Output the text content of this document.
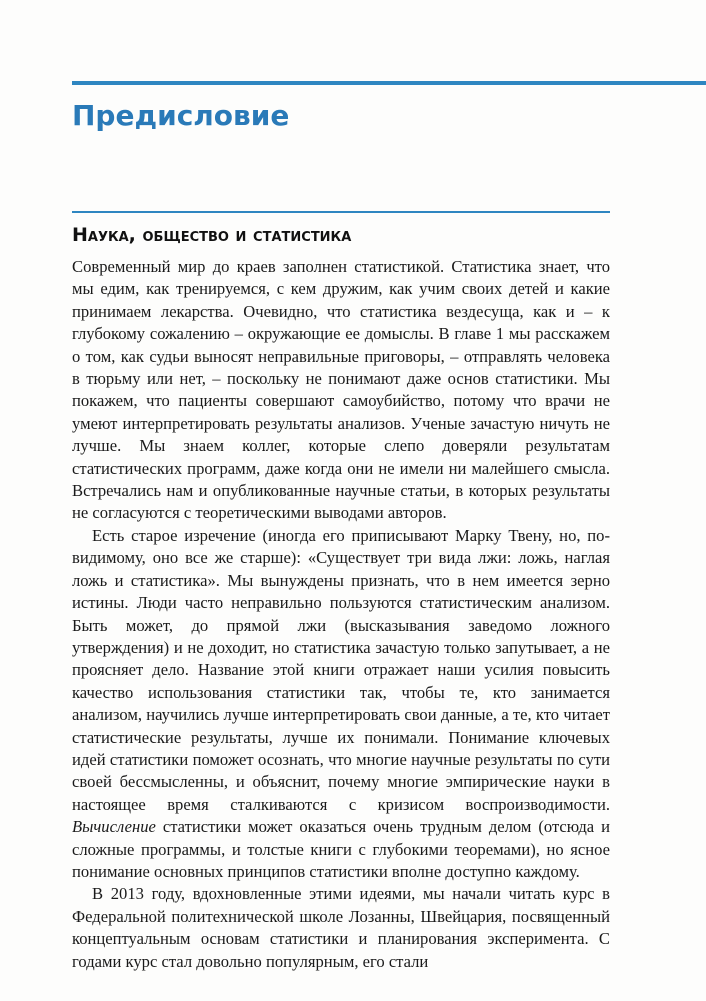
Предисловие
Наука, общество и статистика

Современный мир до краев заполнен статистикой. Статистика знает, что мы едим, как тренируемся, с кем дружим, как учим своих детей и какие принимаем лекарства. Очевидно, что статистика вездесуща, как и – к глубокому сожалению – окружающие ее домыслы. В главе 1 мы расскажем о том, как судьи выносят неправильные приговоры, – отправлять человека в тюрьму или нет, – поскольку не понимают даже основ статистики. Мы покажем, что пациенты совершают самоубийство, потому что врачи не умеют интерпретировать результаты анализов. Ученые зачастую ничуть не лучше. Мы знаем коллег, которые слепо доверяли результатам статистических программ, даже когда они не имели ни малейшего смысла. Встречались нам и опубликованные научные статьи, в которых результаты не согласуются с теоретическими выводами авторов.

Есть старое изречение (иногда его приписывают Марку Твену, но, по-видимому, оно все же старше): «Существует три вида лжи: ложь, наглая ложь и статистика». Мы вынуждены признать, что в нем имеется зерно истины. Люди часто неправильно пользуются статистическим анализом. Быть может, до прямой лжи (высказывания заведомо ложного утверждения) и не доходит, но статистика зачастую только запутывает, а не проясняет дело. Название этой книги отражает наши усилия повысить качество использования статистики так, чтобы те, кто занимается анализом, научились лучше интерпретировать свои данные, а те, кто читает статистические результаты, лучше их понимали. Понимание ключевых идей статистики поможет осознать, что многие научные результаты по сути своей бессмысленны, и объяснит, почему многие эмпирические науки в настоящее время сталкиваются с кризисом воспроизводимости. Вычисление статистики может оказаться очень трудным делом (отсюда и сложные программы, и толстые книги с глубокими теоремами), но ясное понимание основных принципов статистики вполне доступно каждому.

В 2013 году, вдохновленные этими идеями, мы начали читать курс в Федеральной политехнической школе Лозанны, Швейцария, посвященный концептуальным основам статистики и планирования эксперимента. С годами курс стал довольно популярным, его стали
